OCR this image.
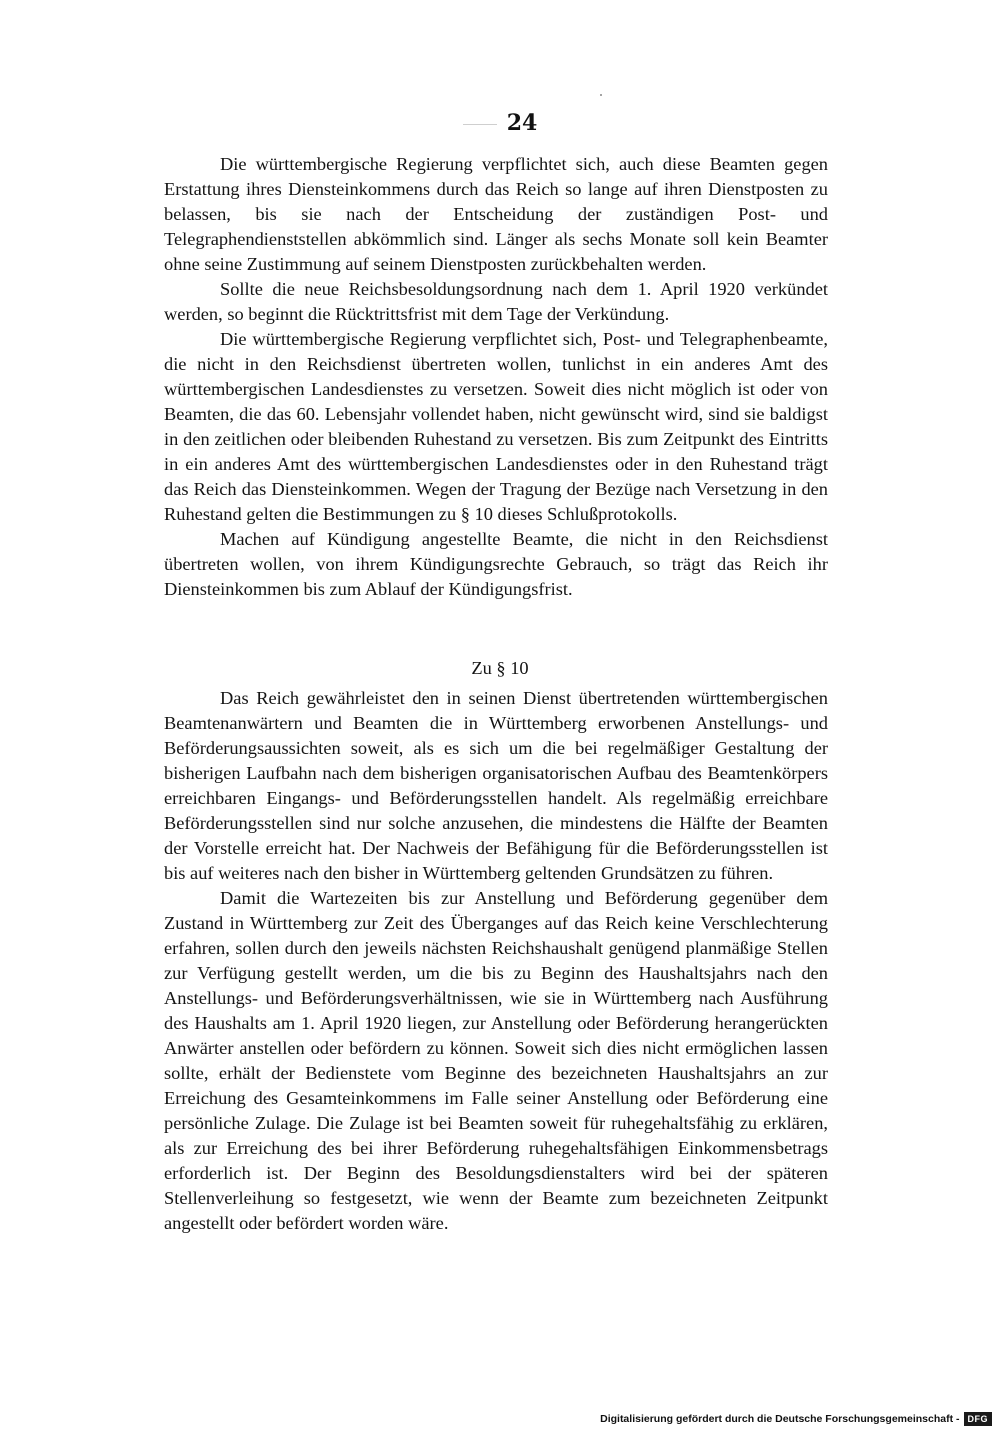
24

Die württembergische Regierung verpflichtet sich, auch diese Beamten gegen Erstattung ihres Diensteinkommens durch das Reich so lange auf ihren Dienstposten zu belassen, bis sie nach der Entscheidung der zuständigen Post- und Telegraphendienststellen abkömmlich sind. Länger als sechs Monate soll kein Beamter ohne seine Zustimmung auf seinem Dienstposten zurückbehalten werden.

Sollte die neue Reichsbesoldungsordnung nach dem 1. April 1920 verkündet werden, so beginnt die Rücktrittsfrist mit dem Tage der Verkündung.

Die württembergische Regierung verpflichtet sich, Post- und Telegraphenbeamte, die nicht in den Reichsdienst übertreten wollen, tunlichst in ein anderes Amt des württembergischen Landesdienstes zu versetzen. Soweit dies nicht möglich ist oder von Beamten, die das 60. Lebensjahr vollendet haben, nicht gewünscht wird, sind sie baldigst in den zeitlichen oder bleibenden Ruhestand zu versetzen. Bis zum Zeitpunkt des Eintritts in ein anderes Amt des württembergischen Landesdienstes oder in den Ruhestand trägt das Reich das Diensteinkommen. Wegen der Tragung der Bezüge nach Versetzung in den Ruhestand gelten die Bestimmungen zu § 10 dieses Schlußprotokolls.

Machen auf Kündigung angestellte Beamte, die nicht in den Reichsdienst übertreten wollen, von ihrem Kündigungsrechte Gebrauch, so trägt das Reich ihr Diensteinkommen bis zum Ablauf der Kündigungsfrist.

Zu § 10

Das Reich gewährleistet den in seinen Dienst übertretenden württembergischen Beamtenanwärtern und Beamten die in Württemberg erworbenen Anstellungs- und Beförderungsaussichten soweit, als es sich um die bei regelmäßiger Gestaltung der bisherigen Laufbahn nach dem bisherigen organisatorischen Aufbau des Beamtenkörpers erreichbaren Eingangs- und Beförderungsstellen handelt. Als regelmäßig erreichbare Beförderungsstellen sind nur solche anzusehen, die mindestens die Hälfte der Beamten der Vorstelle erreicht hat. Der Nachweis der Befähigung für die Beförderungsstellen ist bis auf weiteres nach den bisher in Württemberg geltenden Grundsätzen zu führen.

Damit die Wartezeiten bis zur Anstellung und Beförderung gegenüber dem Zustand in Württemberg zur Zeit des Überganges auf das Reich keine Verschlechterung erfahren, sollen durch den jeweils nächsten Reichshaushalt genügend planmäßige Stellen zur Verfügung gestellt werden, um die bis zu Beginn des Haushaltsjahrs nach den Anstellungs- und Beförderungsverhältnissen, wie sie in Württemberg nach Ausführung des Haushalts am 1. April 1920 liegen, zur Anstellung oder Beförderung herangerückten Anwärter anstellen oder befördern zu können. Soweit sich dies nicht ermöglichen lassen sollte, erhält der Bedienstete vom Beginne des bezeichneten Haushaltsjahrs an zur Erreichung des Gesamteinkommens im Falle seiner Anstellung oder Beförderung eine persönliche Zulage. Die Zulage ist bei Beamten soweit für ruhegehaltsfähig zu erklären, als zur Erreichung des bei ihrer Beförderung ruhegehaltsfähigen Einkommensbetrags erforderlich ist. Der Beginn des Besoldungsdienstalters wird bei der späteren Stellenverleihung so festgesetzt, wie wenn der Beamte zum bezeichneten Zeitpunkt angestellt oder befördert worden wäre.

Digitalisierung gefördert durch die Deutsche Forschungsgemeinschaft - DFG
